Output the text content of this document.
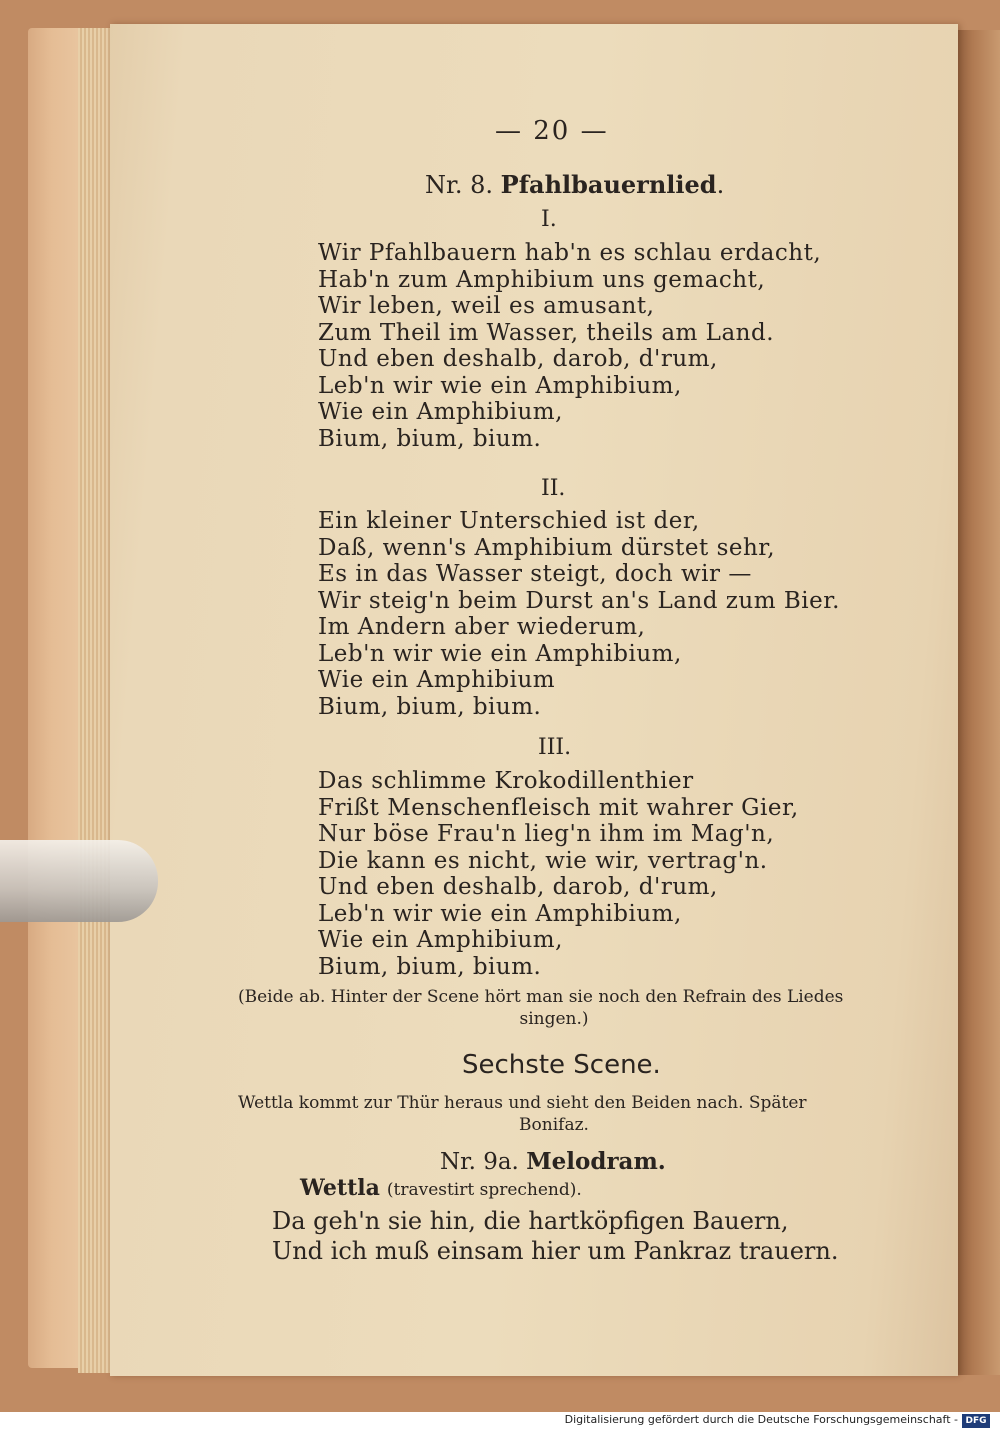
— 20 —
Nr. 8. Pfahlbauernlied.
I.
Wir Pfahlbauern hab'n es schlau erdacht,
Hab'n zum Amphibium uns gemacht,
Wir leben, weil es amusant,
Zum Theil im Wasser, theils am Land.
Und eben deshalb, darob, d'rum,
Leb'n wir wie ein Amphibium,
Wie ein Amphibium,
Bium, bium, bium.
II.
Ein kleiner Unterschied ist der,
Daß, wenn's Amphibium dürstet sehr,
Es in das Wasser steigt, doch wir —
Wir steig'n beim Durst an's Land zum Bier.
Im Andern aber wiederum,
Leb'n wir wie ein Amphibium,
Wie ein Amphibium
Bium, bium, bium.
III.
Das schlimme Krokodillenthier
Frißt Menschenfleisch mit wahrer Gier,
Nur böse Frau'n lieg'n ihm im Mag'n,
Die kann es nicht, wie wir, vertrag'n.
Und eben deshalb, darob, d'rum,
Leb'n wir wie ein Amphibium,
Wie ein Amphibium,
Bium, bium, bium.
(Beide ab. Hinter der Scene hört man sie noch den Refrain des Liedes
singen.)
Sechste Scene.
Wettla kommt zur Thür heraus und sieht den Beiden nach. Später
Bonifaz.
Nr. 9a. Melodram.
Wettla (travestirt sprechend).
Da geh'n sie hin, die hartköpfigen Bauern,
Und ich muß einsam hier um Pankraz trauern.
Digitalisierung gefördert durch die Deutsche Forschungsgemeinschaft - DFG
